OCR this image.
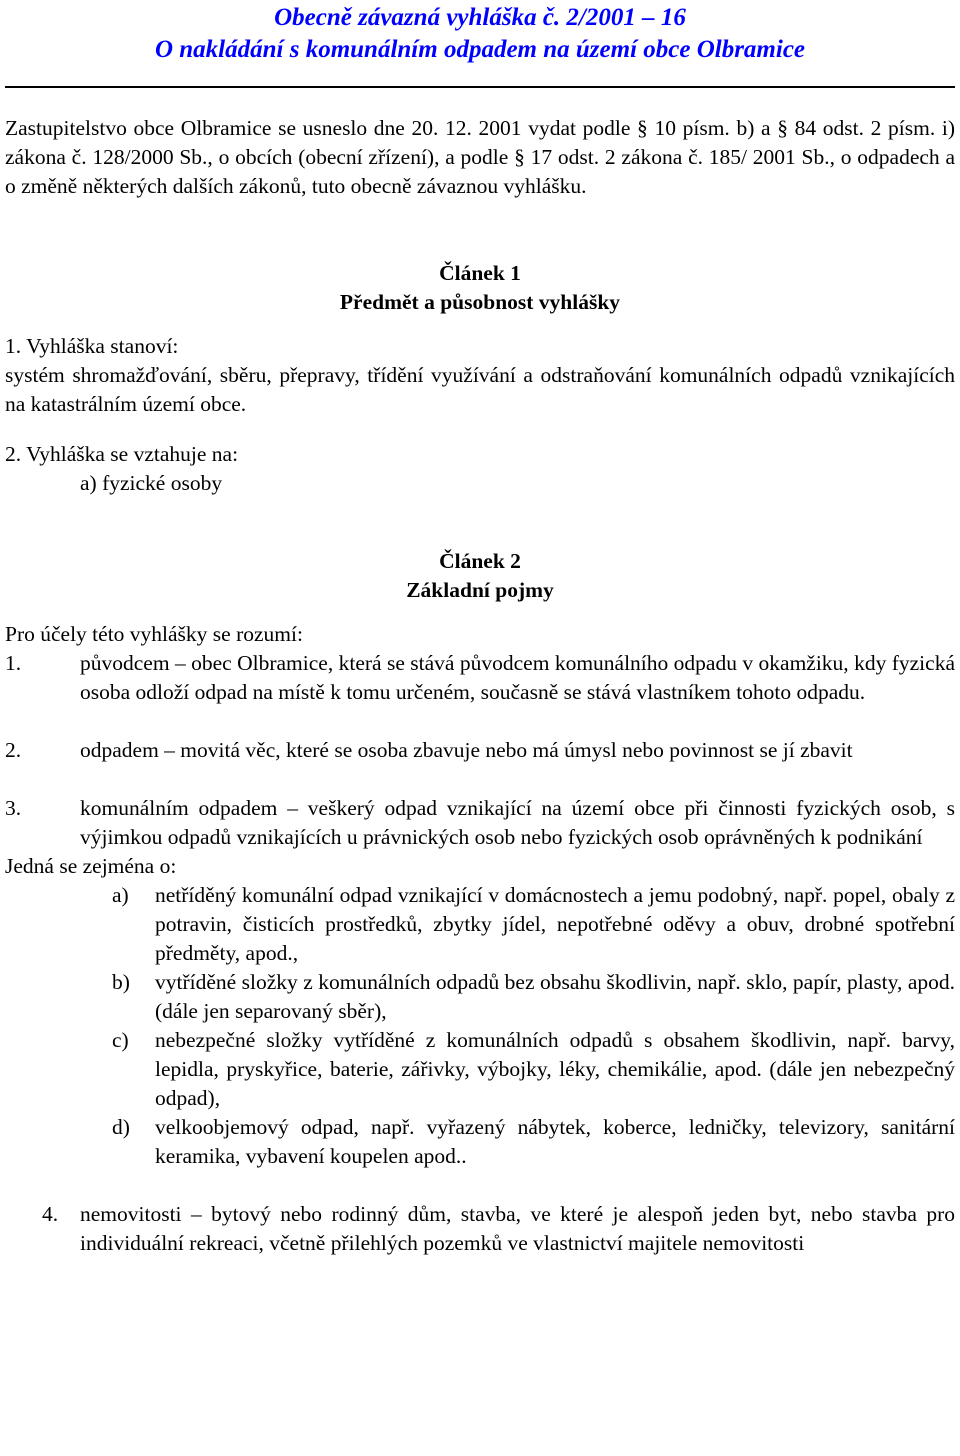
Obecně závazná vyhláška č. 2/2001 – 16
O nakládání s komunálním odpadem na území obce Olbramice
Zastupitelstvo obce Olbramice se usneslo dne 20. 12. 2001 vydat podle § 10 písm. b) a § 84 odst. 2 písm. i) zákona č. 128/2000 Sb., o obcích (obecní zřízení), a podle § 17 odst. 2 zákona č. 185/ 2001 Sb., o odpadech a o změně některých dalších zákonů, tuto obecně závaznou vyhlášku.
Článek 1
Předmět a působnost vyhlášky
1. Vyhláška stanoví:
systém shromažďování, sběru, přepravy, třídění využívání a odstraňování komunálních odpadů vznikajících na katastrálním území obce.
2. Vyhláška se vztahuje na:
a) fyzické osoby
Článek 2
Základní pojmy
Pro účely této vyhlášky se rozumí:
1.	původcem – obec Olbramice, která se stává původcem komunálního odpadu v okamžiku, kdy fyzická osoba odloží odpad na místě k tomu určeném, současně se stává vlastníkem tohoto odpadu.
2.	odpadem – movitá věc, které se osoba zbavuje nebo má úmysl nebo povinnost se jí zbavit
3.	komunálním odpadem – veškerý odpad vznikající na území obce při činnosti fyzických osob, s výjimkou odpadů vznikajících u právnických osob nebo fyzických osob oprávněných k podnikání
Jedná se zejména o:
a)	netříděný komunální odpad vznikající v domácnostech a jemu podobný, např. popel, obaly z potravin, čisticích prostředků, zbytky jídel, nepotřebné oděvy a obuv, drobné spotřební předměty, apod.,
b)	vytříděné složky z komunálních odpadů bez obsahu škodlivin, např. sklo, papír, plasty, apod. (dále jen separovaný sběr),
c)	nebezpečné složky vytříděné z komunálních odpadů s obsahem škodlivin, např. barvy, lepidla, pryskyřice, baterie, zářivky, výbojky, léky, chemikálie, apod. (dále jen nebezpečný odpad),
d)	velkoobjemový odpad, např. vyřazený nábytek, koberce, ledničky, televizory, sanitární keramika, vybavení koupelen apod..
4.	nemovitosti – bytový nebo rodinný dům, stavba, ve které je alespoň jeden byt, nebo stavba pro individuální rekreaci, včetně přilehlých pozemků ve vlastnictví majitele nemovitosti
